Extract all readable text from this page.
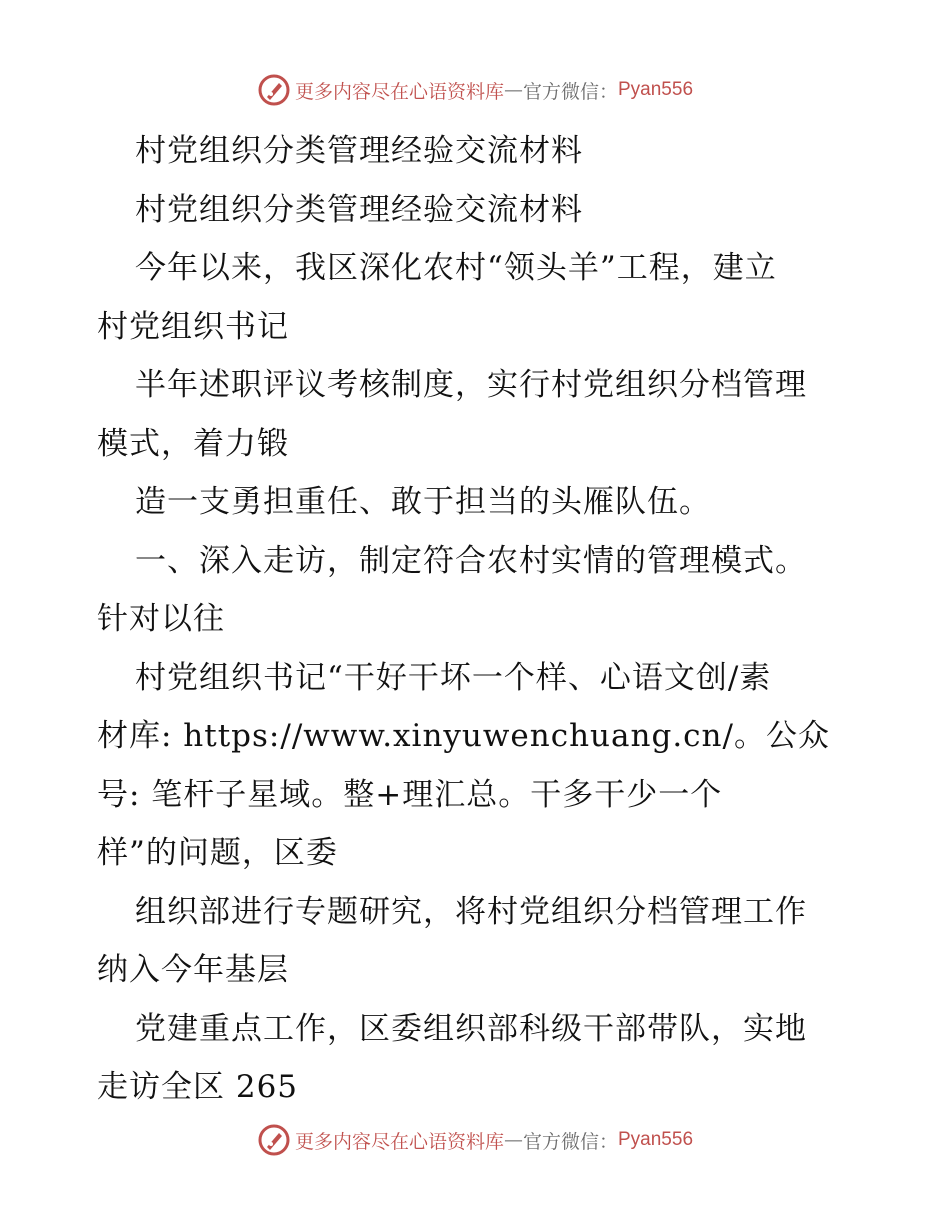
更多内容尽在心语资料库 — 官方微信： Pyan556
村党组织分类管理经验交流材料
村党组织分类管理经验交流材料
今年以来，我区深化农村“领头羊”工程，建立
村党组织书记
半年述职评议考核制度，实行村党组织分档管理
模式，着力锻
造一支勇担重任、敢于担当的头雁队伍。
一、深入走访，制定符合农村实情的管理模式。
针对以往
村党组织书记“干好干坏一个样、心语文创/素
材库: https://www.xinyuwenchuang.cn/。公众
号: 笔杆子星域。整+理汇总。干多干少一个
样”的问题，区委
组织部进行专题研究，将村党组织分档管理工作
纳入今年基层
党建重点工作，区委组织部科级干部带队，实地
走访全区 265
更多内容尽在心语资料库 — 官方微信： Pyan556
